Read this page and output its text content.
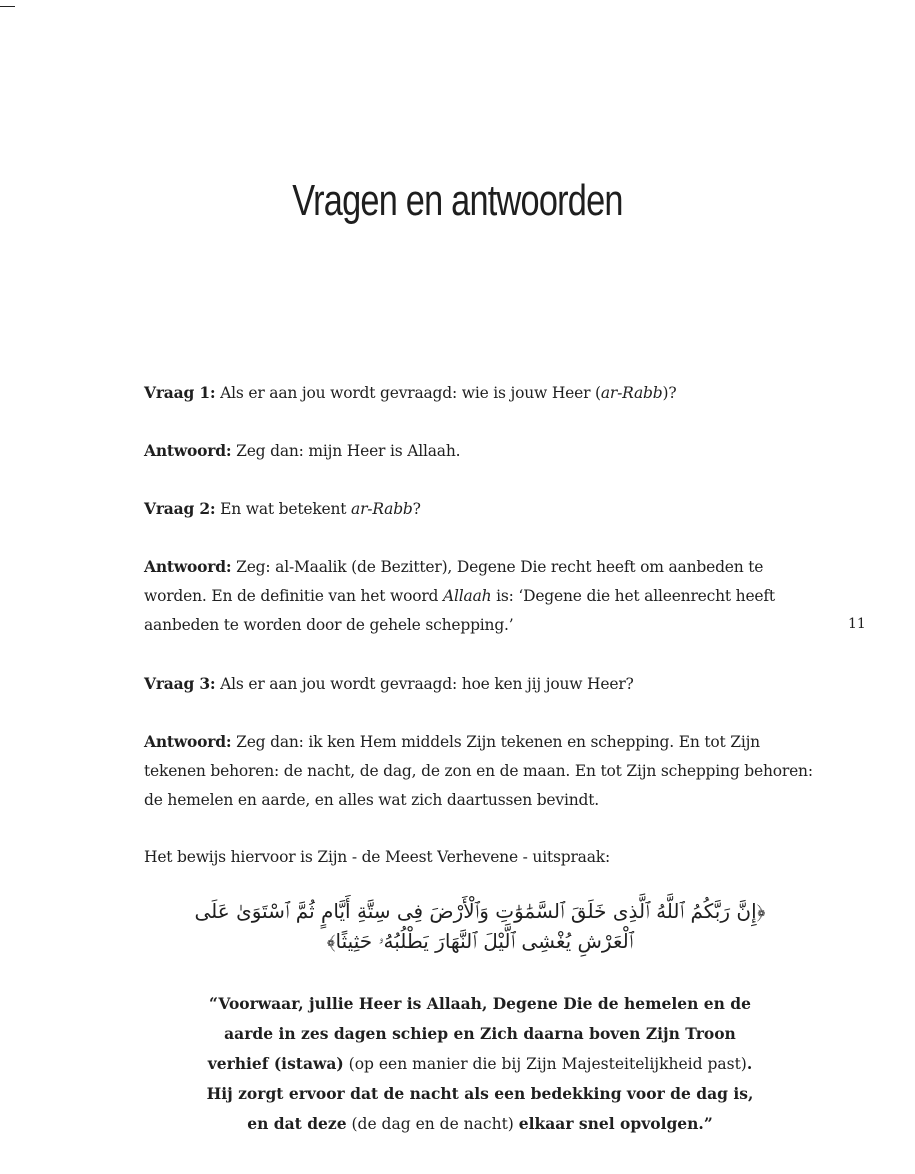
Vragen en antwoorden
Vraag 1: Als er aan jou wordt gevraagd: wie is jouw Heer (ar-Rabb)?
Antwoord: Zeg dan: mijn Heer is Allaah.
Vraag 2: En wat betekent ar-Rabb?
Antwoord: Zeg: al-Maalik (de Bezitter), Degene Die recht heeft om aanbeden te worden. En de definitie van het woord Allaah is: ‘Degene die het alleenrecht heeft aanbeden te worden door de gehele schepping.’	11
Vraag 3: Als er aan jou wordt gevraagd: hoe ken jij jouw Heer?
Antwoord: Zeg dan: ik ken Hem middels Zijn tekenen en schepping. En tot Zijn tekenen behoren: de nacht, de dag, de zon en de maan. En tot Zijn schepping behoren: de hemelen en aarde, en alles wat zich daartussen bevindt.
Het bewijs hiervoor is Zijn - de Meest Verhevene - uitspraak:
﴿إِنَّ رَبَّكُمُ ٱللَّهُ ٱلَّذِى خَلَقَ ٱلسَّمَٰوَٰتِ وَٱلْأَرْضَ فِى سِتَّةِ أَيَّامٍ ثُمَّ ٱسْتَوَىٰ عَلَى ٱلْعَرْشِ يُغْشِى ٱلَّيْلَ ٱلنَّهَارَ يَطْلُبُهُۥ حَثِيثًا﴾
“Voorwaar, jullie Heer is Allaah, Degene Die de hemelen en de aarde in zes dagen schiep en Zich daarna boven Zijn Troon verhief (istawa) (op een manier die bij Zijn Majesteitelijkheid past). Hij zorgt ervoor dat de nacht als een bedekking voor de dag is, en dat deze (de dag en de nacht) elkaar snel opvolgen.”
